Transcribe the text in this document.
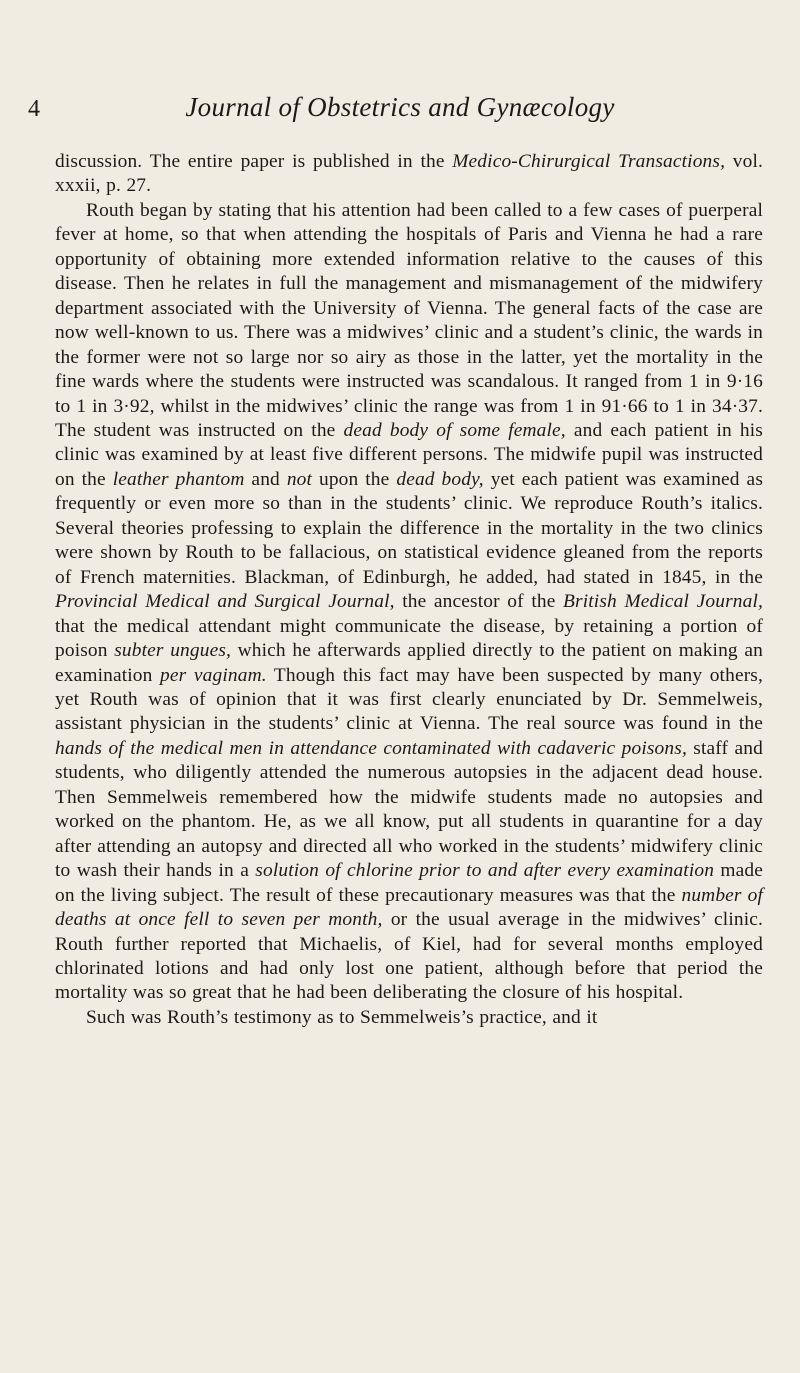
4	Journal of Obstetrics and Gynæcology

discussion. The entire paper is published in the Medico-Chirurgical Transactions, vol. xxxii, p. 27.

Routh began by stating that his attention had been called to a few cases of puerperal fever at home, so that when attending the hospitals of Paris and Vienna he had a rare opportunity of obtaining more extended information relative to the causes of this disease. Then he relates in full the management and mismanagement of the midwifery department associated with the University of Vienna. The general facts of the case are now well-known to us. There was a midwives’ clinic and a student’s clinic, the wards in the former were not so large nor so airy as those in the latter, yet the mortality in the fine wards where the students were instructed was scandalous. It ranged from 1 in 9·16 to 1 in 3·92, whilst in the midwives’ clinic the range was from 1 in 91·66 to 1 in 34·37. The student was instructed on the dead body of some female, and each patient in his clinic was examined by at least five different persons. The midwife pupil was instructed on the leather phantom and not upon the dead body, yet each patient was examined as frequently or even more so than in the students’ clinic. We reproduce Routh’s italics. Several theories professing to explain the difference in the mortality in the two clinics were shown by Routh to be fallacious, on statistical evidence gleaned from the reports of French maternities. Blackman, of Edinburgh, he added, had stated in 1845, in the Provincial Medical and Surgical Journal, the ancestor of the British Medical Journal, that the medical attendant might communicate the disease, by retaining a portion of poison subter ungues, which he afterwards applied directly to the patient on making an examination per vaginam. Though this fact may have been suspected by many others, yet Routh was of opinion that it was first clearly enunciated by Dr. Semmelweis, assistant physician in the students’ clinic at Vienna. The real source was found in the hands of the medical men in attendance contaminated with cadaveric poisons, staff and students, who diligently attended the numerous autopsies in the adjacent dead house. Then Semmelweis remembered how the midwife students made no autopsies and worked on the phantom. He, as we all know, put all students in quarantine for a day after attending an autopsy and directed all who worked in the students’ midwifery clinic to wash their hands in a solution of chlorine prior to and after every examination made on the living subject. The result of these precautionary measures was that the number of deaths at once fell to seven per month, or the usual average in the midwives’ clinic. Routh further reported that Michaelis, of Kiel, had for several months employed chlorinated lotions and had only lost one patient, although before that period the mortality was so great that he had been deliberating the closure of his hospital.

Such was Routh’s testimony as to Semmelweis’s practice, and it
